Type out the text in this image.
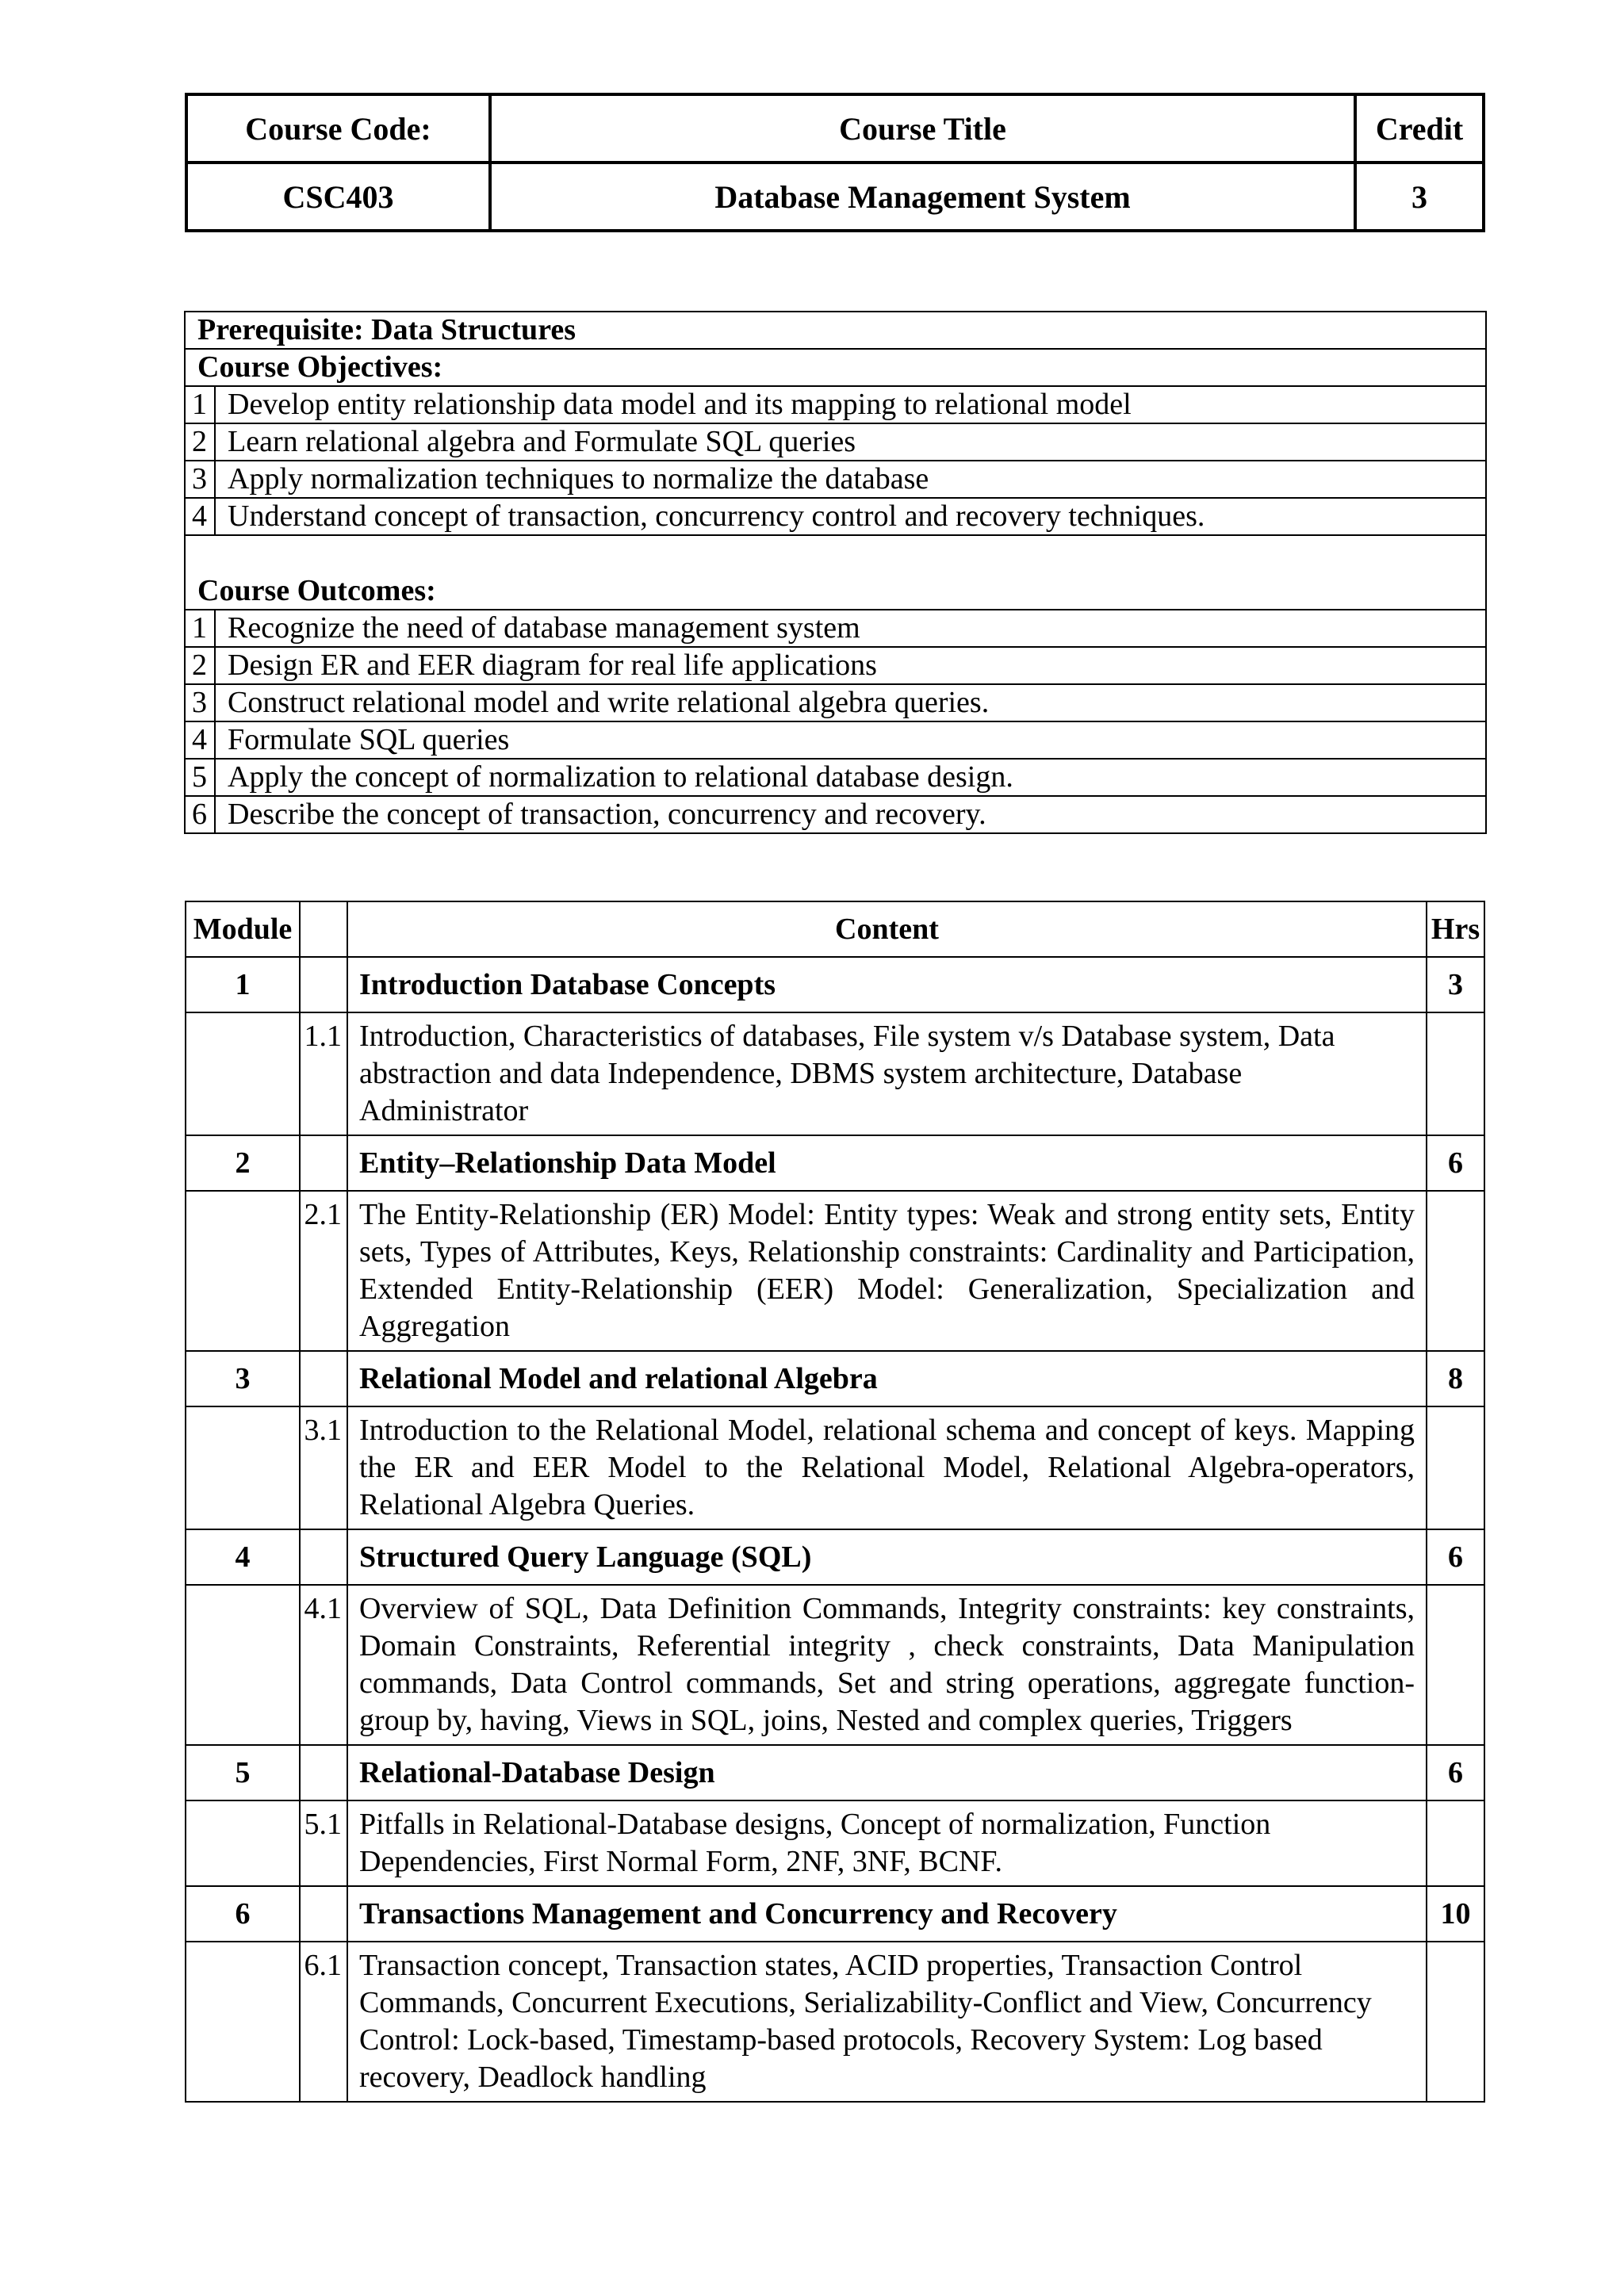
Course Code:	Course Title	Credit
CSC403	Database Management System	3
Prerequisite: Data Structures	
Course Objectives:	
1	Develop entity relationship data model and its mapping to relational model
2	Learn relational algebra and Formulate SQL queries
3	Apply normalization techniques to normalize the database
4	Understand concept of transaction, concurrency control and recovery techniques.
Course Outcomes:	
1	Recognize the need of database management system
2	Design ER and EER diagram for real life applications
3	Construct relational model and write relational algebra queries.
4	Formulate SQL queries
5	Apply the concept of normalization to relational database design.
6	Describe the concept of transaction, concurrency and recovery.
Module		Content	Hrs
1		Introduction Database Concepts	3
	1.1	Introduction, Characteristics of databases, File system v/s Database system, Data abstraction and data Independence, DBMS system architecture, Database Administrator	
2		Entity–Relationship Data Model	6
	2.1	The Entity-Relationship (ER) Model: Entity types: Weak and strong entity sets, Entity sets, Types of Attributes, Keys, Relationship constraints: Cardinality and Participation, Extended Entity-Relationship (EER) Model: Generalization, Specialization and Aggregation	
3		Relational Model and relational Algebra	8
	3.1	Introduction to the Relational Model, relational schema and concept of keys. Mapping the ER and EER Model to the Relational Model, Relational Algebra-operators, Relational Algebra Queries.	
4		Structured Query Language (SQL)	6
	4.1	Overview of SQL, Data Definition Commands, Integrity constraints: key constraints, Domain Constraints, Referential integrity , check constraints, Data Manipulation commands, Data Control commands, Set and string operations, aggregate function-group by, having, Views in SQL, joins, Nested and complex queries, Triggers	
5		Relational-Database Design	6
	5.1	Pitfalls in Relational-Database designs, Concept of normalization, Function Dependencies, First Normal Form, 2NF, 3NF, BCNF.	
6		Transactions Management and Concurrency and Recovery	10
	6.1	Transaction concept, Transaction states, ACID properties, Transaction Control Commands, Concurrent Executions, Serializability-Conflict and View, Concurrency Control: Lock-based, Timestamp-based protocols, Recovery System: Log based recovery, Deadlock handling	
